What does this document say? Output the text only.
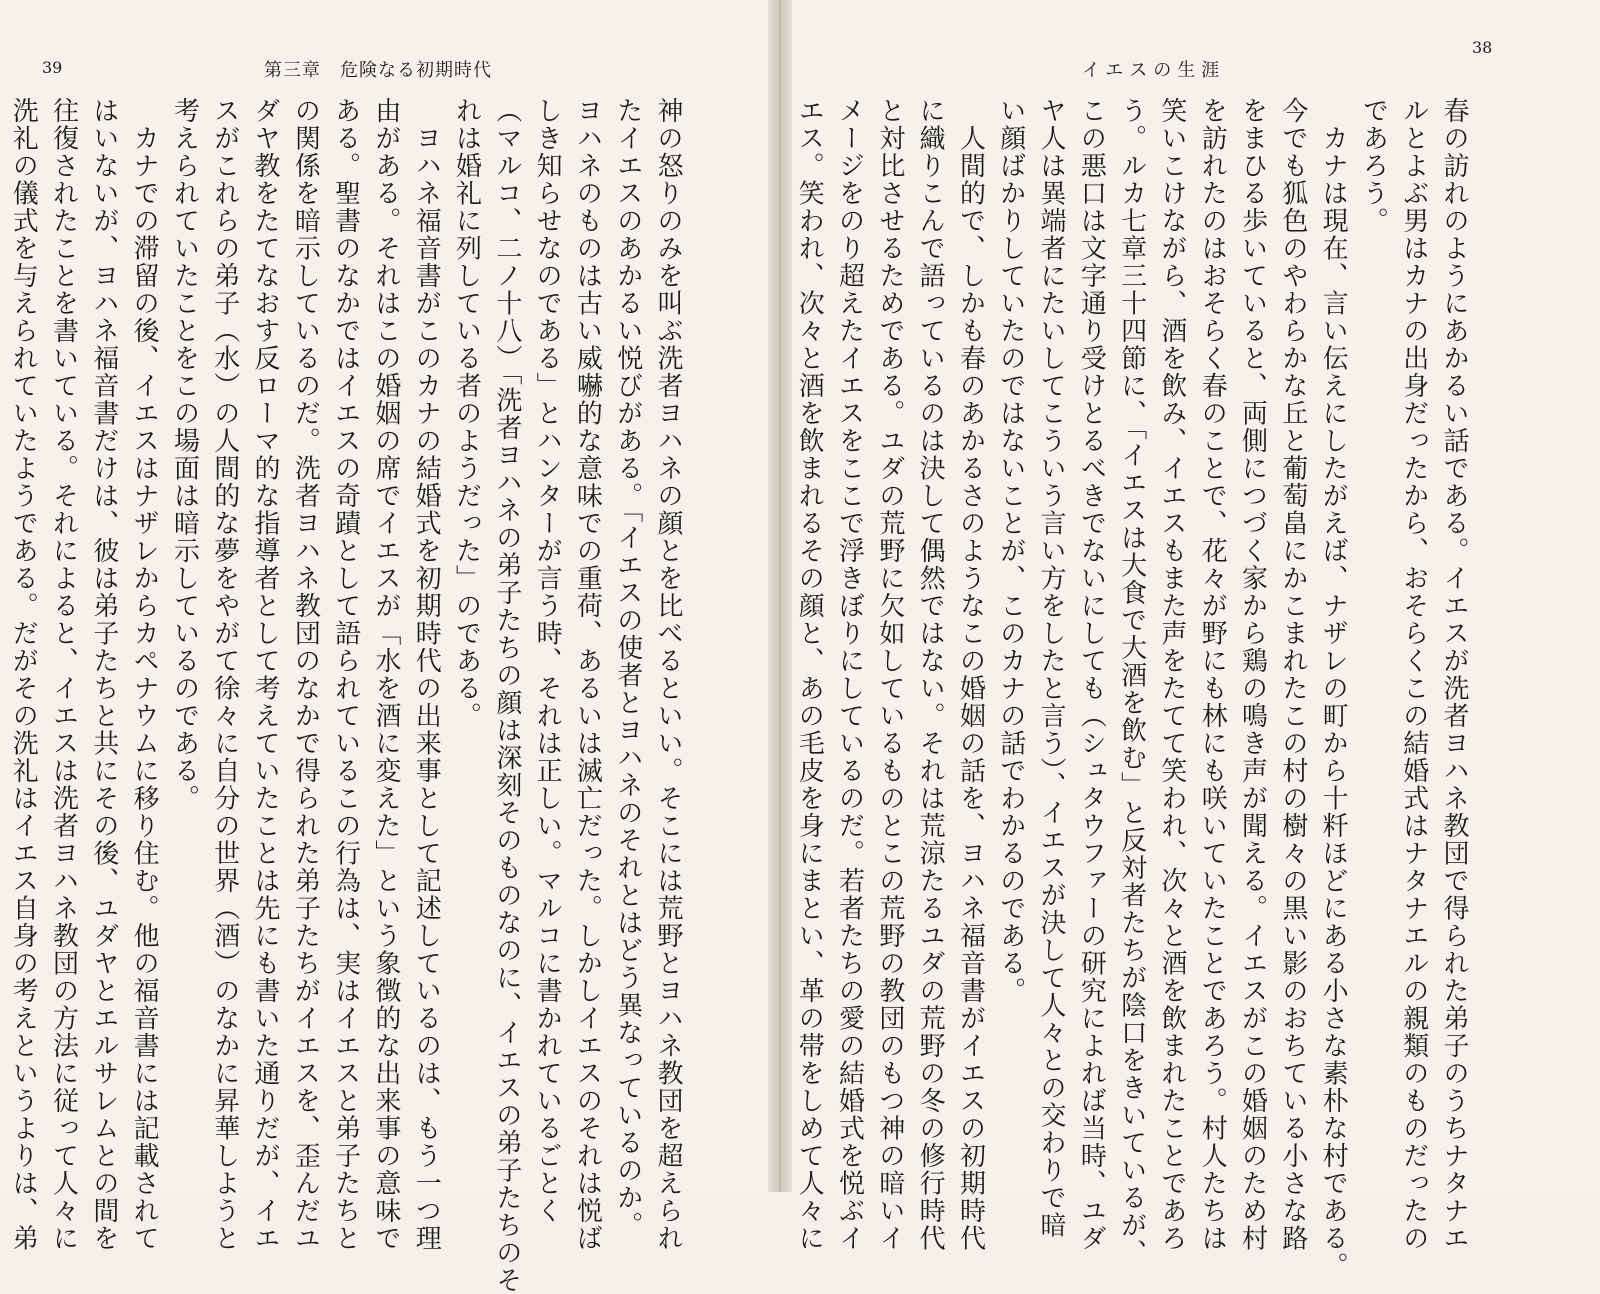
39	第三章　危険なる初期時代

神の怒りのみを叫ぶ洗者ヨハネの顔とを比べるといい。そこには荒野とヨハネ教団を超えられ

たイエスのあかるい悦びがある。「イエスの使者とヨハネのそれとはどう異なっているのか。

ヨハネのものは古い威嚇的な意味での重荷、あるいは滅亡だった。しかしイエスのそれは悦ば

しき知らせなのである」とハンターが言う時、それは正しい。マルコに書かれているごとく

（マルコ、二ノ十八）「洗者ヨハネの弟子たちの顔は深刻そのものなのに、イエスの弟子たちのそ

れは婚礼に列している者のようだった」のである。

　ヨハネ福音書がこのカナの結婚式を初期時代の出来事として記述しているのは、もう一つ理

由がある。それはこの婚姻の席でイエスが「水を酒に変えた」という象徴的な出来事の意味で

ある。聖書のなかではイエスの奇蹟として語られているこの行為は、実はイエスと弟子たちと

の関係を暗示しているのだ。洗者ヨハネ教団のなかで得られた弟子たちがイエスを、歪んだユ

ダヤ教をたてなおす反ローマ的な指導者として考えていたことは先にも書いた通りだが、イエ

スがこれらの弟子（水）の人間的な夢をやがて徐々に自分の世界（酒）のなかに昇華しようと

考えられていたことをこの場面は暗示しているのである。

　カナでの滞留の後、イエスはナザレからカペナウムに移り住む。他の福音書には記載されて

はいないが、ヨハネ福音書だけは、彼は弟子たちと共にその後、ユダヤとエルサレムとの間を

往復されたことを書いている。それによると、イエスは洗者ヨハネ教団の方法に従って人々に

洗礼の儀式を与えられていたようである。だがその洗礼はイエス自身の考えというよりは、弟

イエスの生涯
38

春の訪れのようにあかるい話である。イエスが洗者ヨハネ教団で得られた弟子のうちナタナエ

ルとよぶ男はカナの出身だったから、おそらくこの結婚式はナタナエルの親類のものだったの

であろう。

　カナは現在、言い伝えにしたがえば、ナザレの町から十粁ほどにある小さな素朴な村である。

今でも狐色のやわらかな丘と葡萄畠にかこまれたこの村の樹々の黒い影のおちている小さな路

をまひる歩いていると、両側につづく家から鶏の鳴き声が聞える。イエスがこの婚姻のため村

を訪れたのはおそらく春のことで、花々が野にも林にも咲いていたことであろう。村人たちは

笑いこけながら、酒を飲み、イエスもまた声をたてて笑われ、次々と酒を飲まれたことであろ

う。ルカ七章三十四節に、「イエスは大食で大酒を飲む」と反対者たちが陰口をきいているが、

この悪口は文字通り受けとるべきでないにしても（シュタウファーの研究によれば当時、ユダ

ヤ人は異端者にたいしてこういう言い方をしたと言う）、イエスが決して人々との交わりで暗

い顔ばかりしていたのではないことが、このカナの話でわかるのである。

　人間的で、しかも春のあかるさのようなこの婚姻の話を、ヨハネ福音書がイエスの初期時代

に織りこんで語っているのは決して偶然ではない。それは荒涼たるユダの荒野の冬の修行時代

と対比させるためである。ユダの荒野に欠如しているものとこの荒野の教団のもつ神の暗いイ

メージをのり超えたイエスをここで浮きぼりにしているのだ。若者たちの愛の結婚式を悦ぶイ

エス。笑われ、次々と酒を飲まれるその顔と、あの毛皮を身にまとい、革の帯をしめて人々に
